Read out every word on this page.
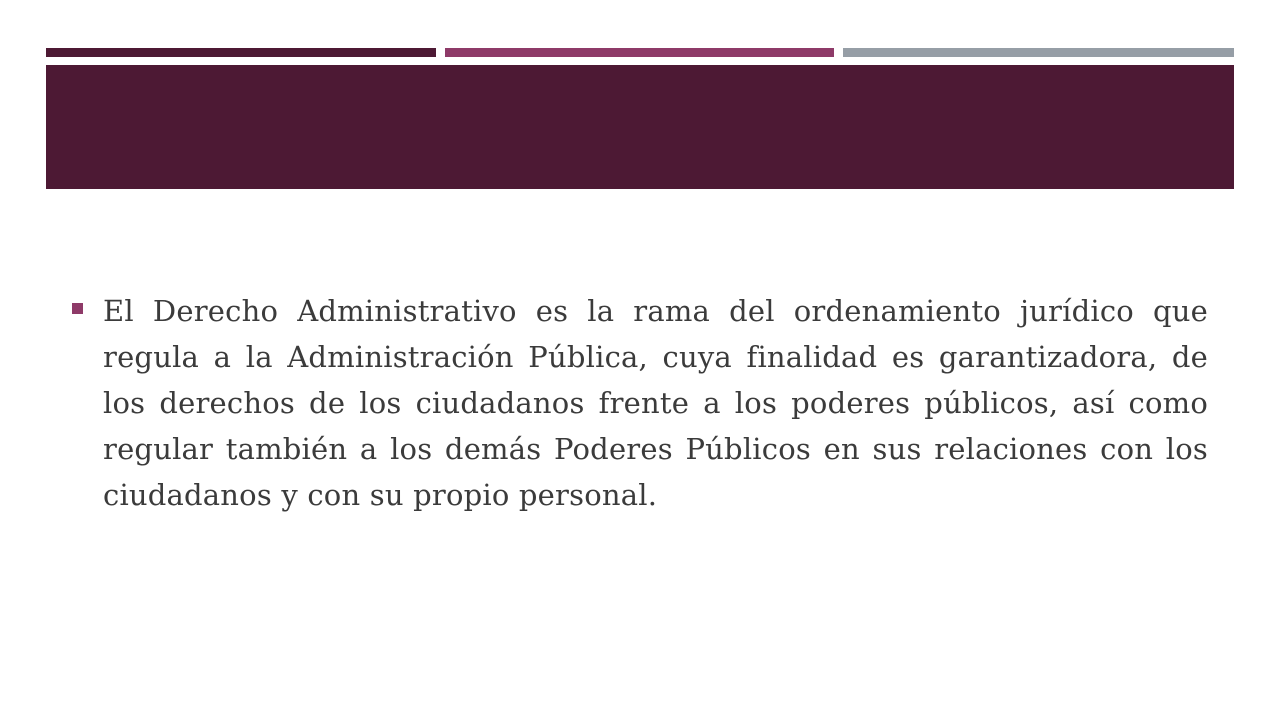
El Derecho Administrativo es la rama del ordenamiento jurídico que regula a la Administración Pública, cuya finalidad es garantizadora, de los derechos de los ciudadanos frente a los poderes públicos, así como regular también a los demás Poderes Públicos en sus relaciones con los ciudadanos y con su propio personal.
